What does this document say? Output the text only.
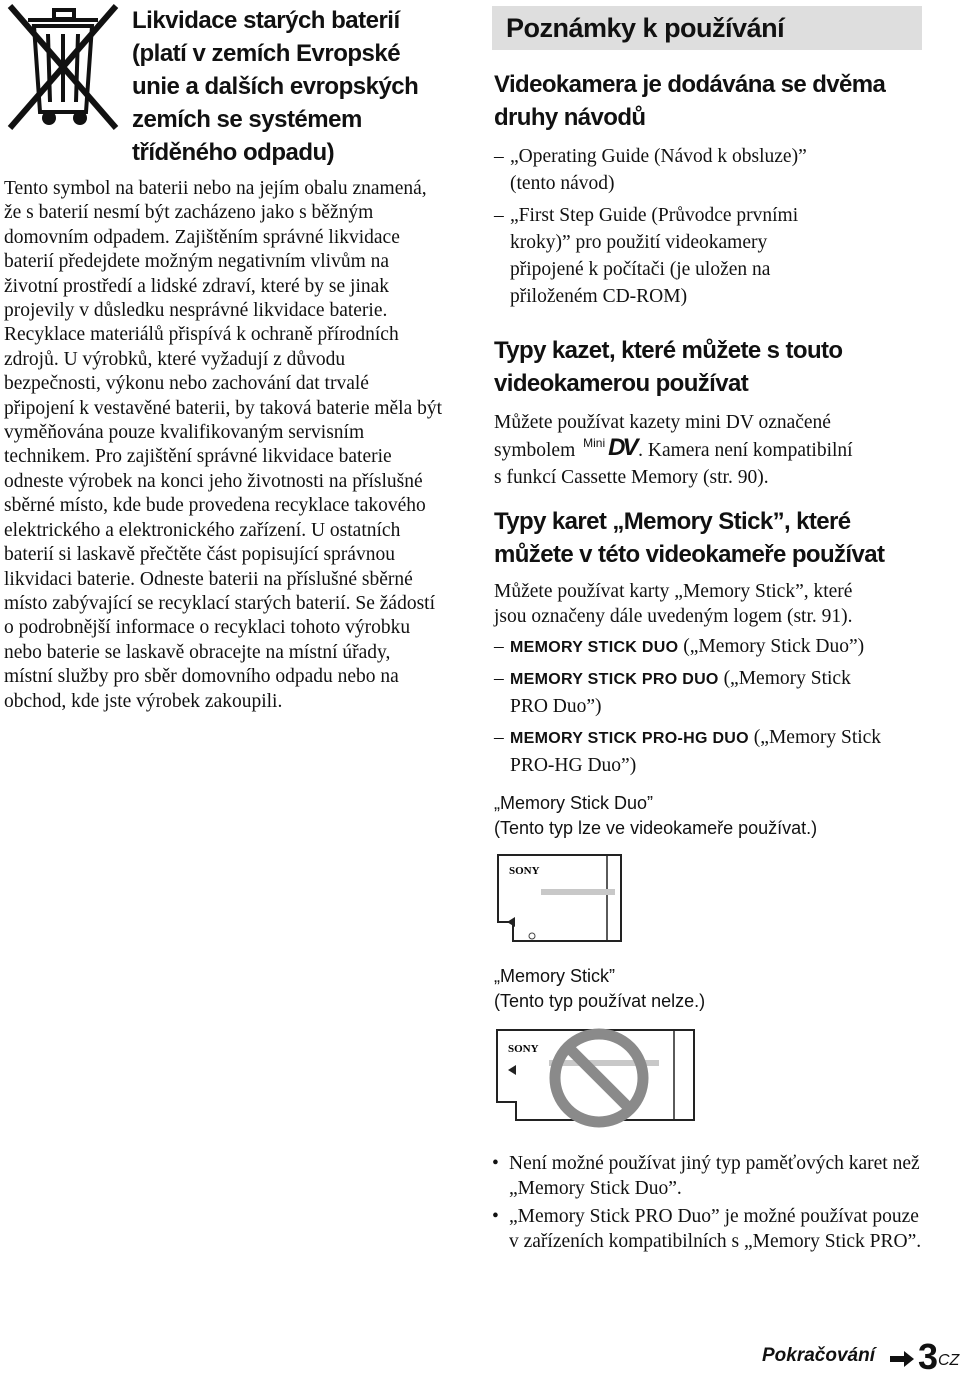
Likvidace starých baterií
(platí v zemích Evropské
unie a dalších evropských
zemích se systémem
tříděného odpadu)
Tento symbol na baterii nebo na jejím obalu znamená, že s baterií nesmí být zacházeno jako s běžným domovním odpadem. Zajištěním správné likvidace baterií předejdete možným negativním vlivům na životní prostředí a lidské zdraví, které by se jinak projevily v důsledku nesprávné likvidace baterie. Recyklace materiálů přispívá k ochraně přírodních zdrojů. U výrobků, které vyžadují z důvodu bezpečnosti, výkonu nebo zachování dat trvalé připojení k vestavěné baterii, by taková baterie měla být vyměňována pouze kvalifikovaným servisním technikem. Pro zajištění správné likvidace baterie odneste výrobek na konci jeho životnosti na příslušné sběrné místo, kde bude provedena recyklace takového elektrického a elektronického zařízení. U ostatních baterií si laskavě přečtěte část popisující správnou likvidaci baterie. Odneste baterii na příslušné sběrné místo zabývající se recyklací starých baterií. Se žádostí o podrobnější informace o recyklaci tohoto výrobku nebo baterie se laskavě obracejte na místní úřady, místní služby pro sběr domovního odpadu nebo na obchod, kde jste výrobek zakoupili.
Poznámky k používání
Videokamera je dodávána se dvěma
druhy návodů
– „Operating Guide (Návod k obsluze)”
(tento návod)
– „First Step Guide (Průvodce prvními
kroky)” pro použití videokamery
připojené k počítači (je uložen na
přiloženém CD-ROM)
Typy kazet, které můžete s touto
videokamerou používat
Můžete používat kazety mini DV označené
symbolem Mini DV . Kamera není kompatibilní
s funkcí Cassette Memory (str. 90).
Typy karet „Memory Stick”, které
můžete v této videokameře používat
Můžete používat karty „Memory Stick”, které
jsou označeny dále uvedeným logem (str. 91).
– MEMORY STICK DUO („Memory Stick Duo”)
– MEMORY STICK PRO DUO („Memory Stick
PRO Duo”)
– MEMORY STICK PRO-HG DUO („Memory Stick
PRO-HG Duo”)
„Memory Stick Duo”
(Tento typ lze ve videokameře používat.)
SONY
„Memory Stick”
(Tento typ používat nelze.)
SONY
• Není možné používat jiný typ paměťových karet než „Memory Stick Duo”.
• „Memory Stick PRO Duo” je možné používat pouze v zařízeních kompatibilních s „Memory Stick PRO”.
Pokračování 3 CZ
